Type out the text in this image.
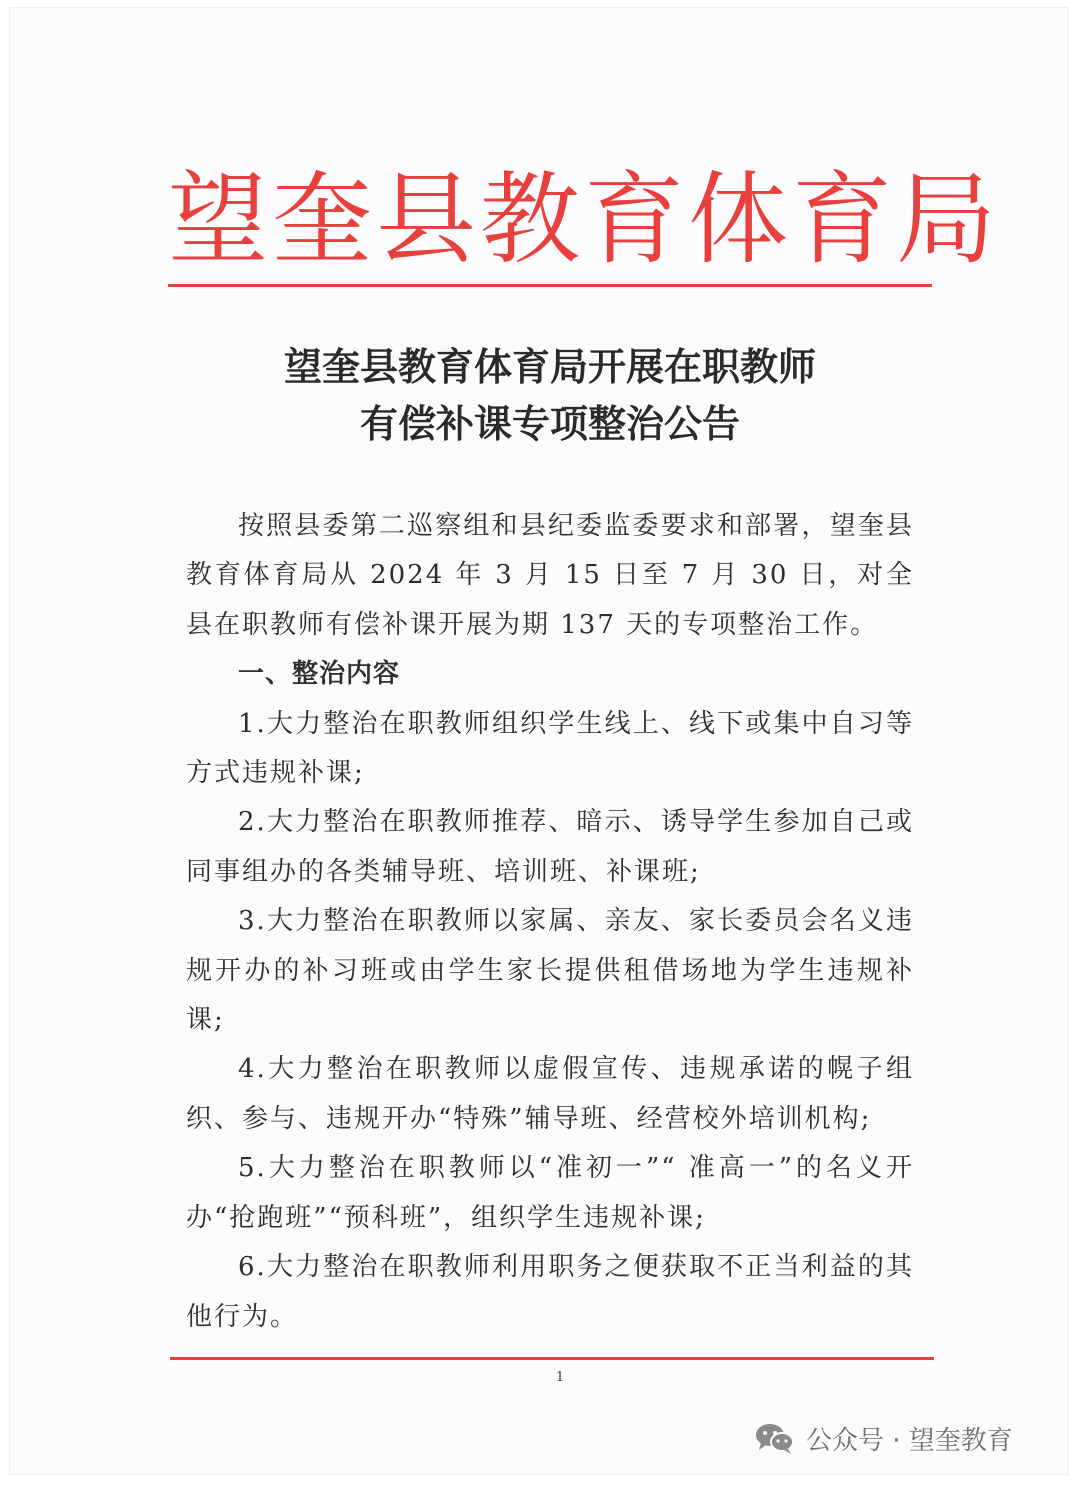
望奎县教育体育局
望奎县教育体育局开展在职教师
有偿补课专项整治公告

按照县委第二巡察组和县纪委监委要求和部署，望奎县教育体育局从 2024 年 3 月 15 日至 7 月 30 日，对全县在职教师有偿补课开展为期 137 天的专项整治工作。

一、整治内容

1.大力整治在职教师组织学生线上、线下或集中自习等方式违规补课;

2.大力整治在职教师推荐、暗示、诱导学生参加自己或同事组办的各类辅导班、培训班、补课班;

3.大力整治在职教师以家属、亲友、家长委员会名义违规开办的补习班或由学生家长提供租借场地为学生违规补课;

4.大力整治在职教师以虚假宣传、违规承诺的幌子组织、参与、违规开办“特殊”辅导班、经营校外培训机构;

5.大力整治在职教师以“准初一”“ 准高一”的名义开办“抢跑班”“预科班”，组织学生违规补课;

6.大力整治在职教师利用职务之便获取不正当利益的其他行为。

1
公众号 · 望奎教育
